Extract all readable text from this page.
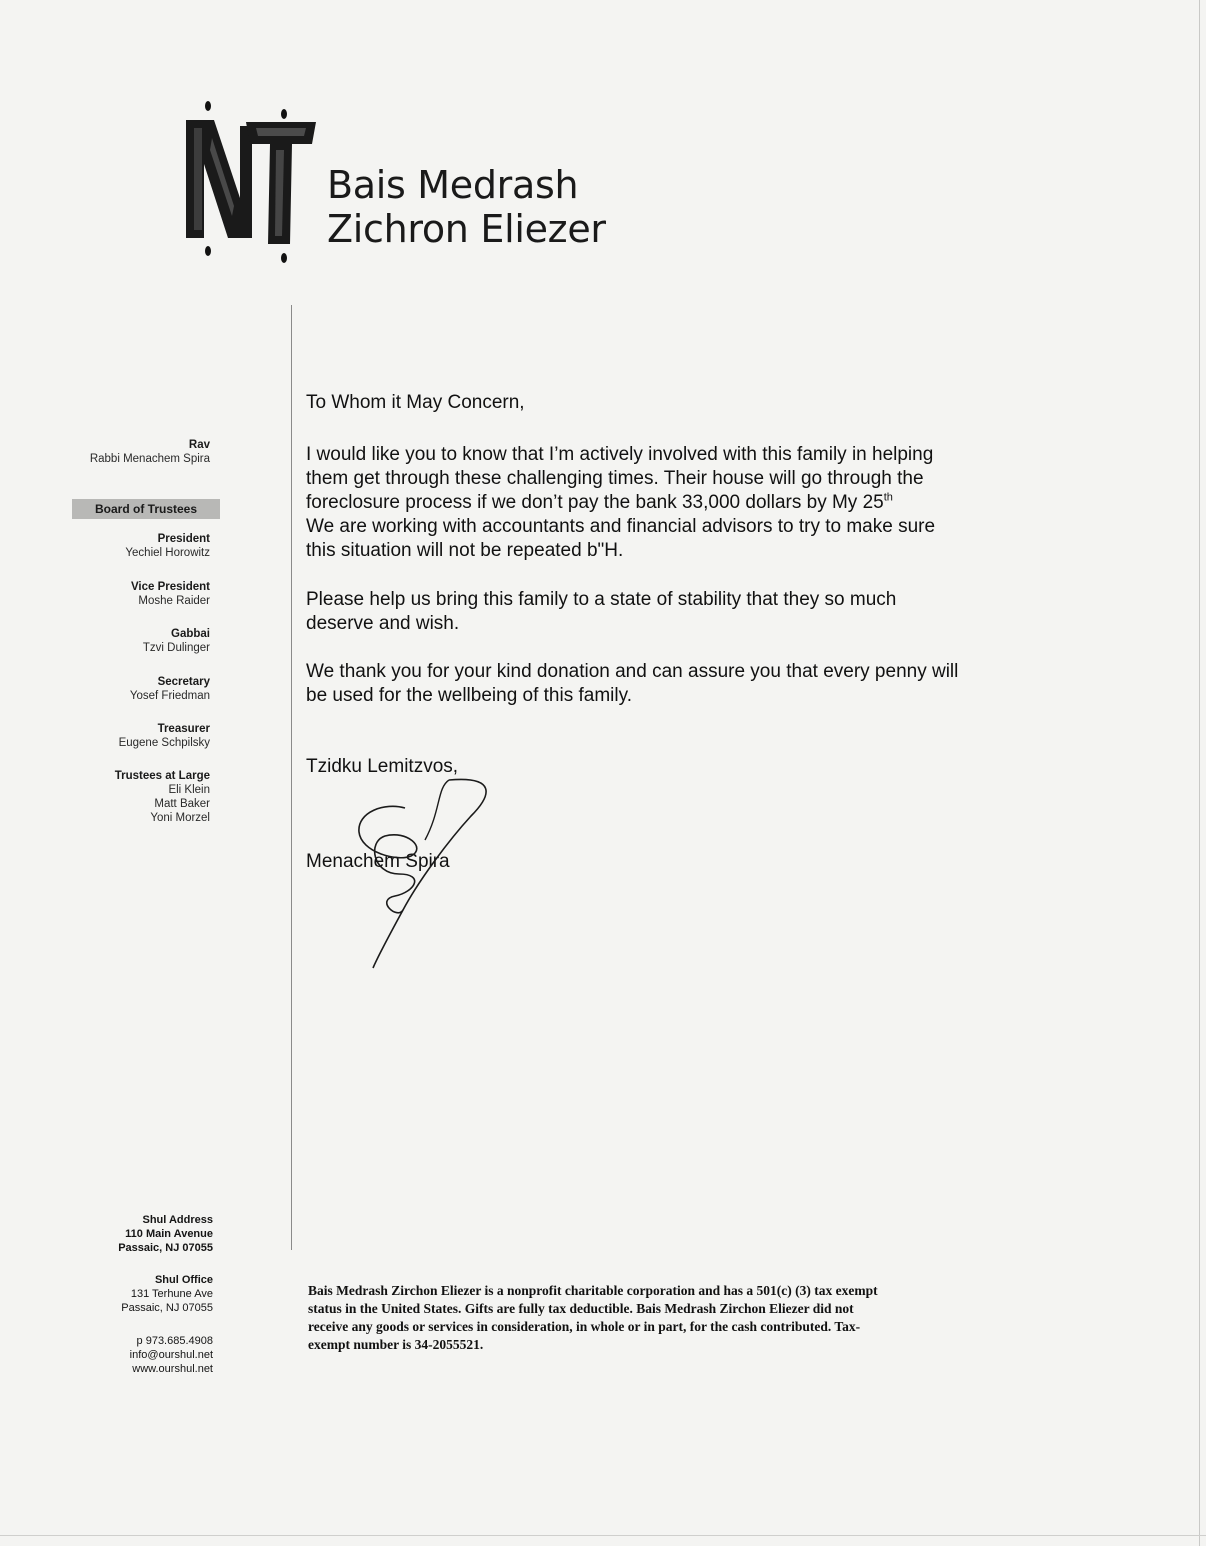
Bais Medrash
Zichron Eliezer
Rav
Rabbi Menachem Spira
Board of Trustees
President
Yechiel Horowitz
Vice President
Moshe Raider
Gabbai
Tzvi Dulinger
Secretary
Yosef Friedman
Treasurer
Eugene Schpilsky
Trustees at Large
Eli Klein
Matt Baker
Yoni Morzel
To Whom it May Concern,

I would like you to know that I’m actively involved with this family in helping

them get through these challenging times. Their house will go through the

foreclosure process if we don’t pay the bank 33,000 dollars by My 25th

We are working with accountants and financial advisors to try to make sure

this situation will not be repeated b"H.

Please help us bring this family to a state of stability that they so much

deserve and wish.

We thank you for your kind donation and can assure you that every penny will

be used for the wellbeing of this family.

Tzidku Lemitzvos,
Menachem Spira
Shul Address
110 Main Avenue
Passaic, NJ 07055
Shul Office
131 Terhune Ave
Passaic, NJ 07055
p 973.685.4908
info@ourshul.net
www.ourshul.net
Bais Medrash Zirchon Eliezer is a nonprofit charitable corporation and has a 501(c) (3) tax exempt
status in the United States. Gifts are fully tax deductible. Bais Medrash Zirchon Eliezer did not
receive any goods or services in consideration, in whole or in part, for the cash contributed. Tax-
exempt number is 34-2055521.
